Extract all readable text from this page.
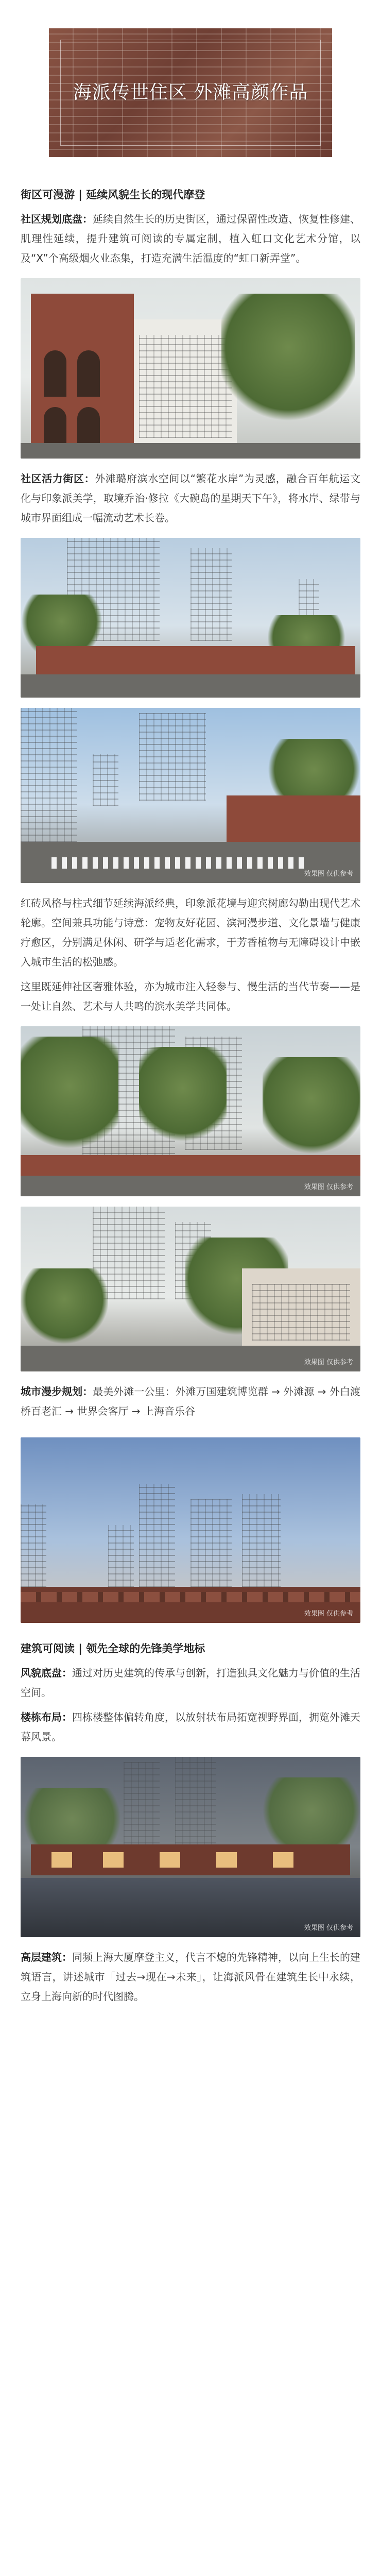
海派传世住区 外滩高颜作品
街区可漫游 | 延续风貌生长的现代摩登

社区规划底盘：延续自然生长的历史街区，通过保留性改造、恢复性修建、肌理性延续，提升建筑可阅读的专属定制，植入虹口文化艺术分馆，以及“X”个高级烟火业态集，打造充满生活温度的“虹口新弄堂”。

社区活力街区：外滩璐府滨水空间以“繁花水岸”为灵感，融合百年航运文化与印象派美学，取境乔治·修拉《大碗岛的星期天下午》，将水岸、绿带与城市界面组成一幅流动艺术长卷。

效果图 仅供参考

红砖风格与柱式细节延续海派经典，印象派花境与迎宾树廊勾勒出现代艺术轮廓。空间兼具功能与诗意：宠物友好花园、滨河漫步道、文化景墙与健康疗愈区，分别满足休闲、研学与适老化需求，于芳香植物与无障碍设计中嵌入城市生活的松弛感。

这里既延伸社区奢雅体验，亦为城市注入轻参与、慢生活的当代节奏——是一处让自然、艺术与人共鸣的滨水美学共同体。

效果图 仅供参考
效果图 仅供参考

城市漫步规划：最美外滩一公里：外滩万国建筑博览群 → 外滩源 → 外白渡桥百老汇 → 世界会客厅 → 上海音乐谷

效果图 仅供参考
建筑可阅读 | 领先全球的先锋美学地标

风貌底盘：通过对历史建筑的传承与创新，打造独具文化魅力与价值的生活空间。

楼栋布局：四栋楼整体偏转角度，以放射状布局拓宽视野界面，拥览外滩天幕风景。

效果图 仅供参考

高层建筑：同频上海大厦摩登主义，代言不熄的先锋精神，以向上生长的建筑语言，讲述城市「过去→现在→未来」，让海派风骨在建筑生长中永续，立身上海向新的时代图腾。
